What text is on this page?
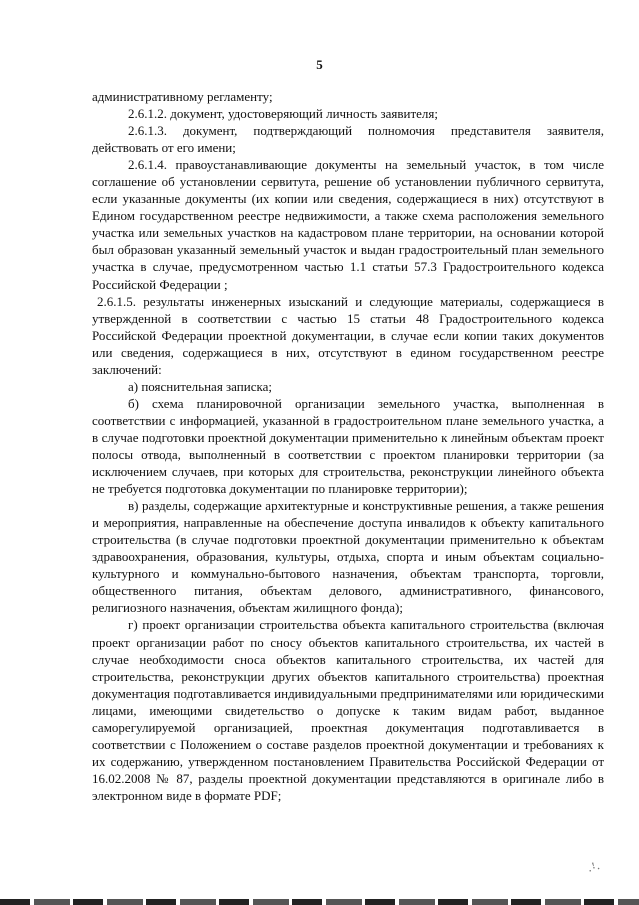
5

административному регламенту;

2.6.1.2. документ, удостоверяющий личность заявителя;

2.6.1.3. документ, подтверждающий полномочия представителя заявителя, действовать от его имени;

2.6.1.4. правоустанавливающие документы на земельный участок, в том числе соглашение об установлении сервитута, решение об установлении публичного сервитута, если указанные документы (их копии или сведения, содержащиеся в них) отсутствуют в Едином государственном реестре недвижимости, а также схема расположения земельного участка или земельных участков на кадастровом плане территории, на основании которой был образован указанный земельный участок и выдан градостроительный план земельного участка в случае, предусмотренном частью 1.1 статьи 57.3 Градостроительного кодекса Российской Федерации ;

2.6.1.5. результаты инженерных изысканий и следующие материалы, содержащиеся в утвержденной в соответствии с частью 15 статьи 48 Градостроительного кодекса Российской Федерации проектной документации, в случае если копии таких документов или сведения, содержащиеся в них, отсутствуют в едином государственном реестре заключений:

а) пояснительная записка;

б) схема планировочной организации земельного участка, выполненная в соответствии с информацией, указанной в градостроительном плане земельного участка, а в случае подготовки проектной документации применительно к линейным объектам проект полосы отвода, выполненный в соответствии с проектом планировки территории (за исключением случаев, при которых для строительства, реконструкции линейного объекта не требуется подготовка документации по планировке территории);

в) разделы, содержащие архитектурные и конструктивные решения, а также решения и мероприятия, направленные на обеспечение доступа инвалидов к объекту капитального строительства (в случае подготовки проектной документации применительно к объектам здравоохранения, образования, культуры, отдыха, спорта и иным объектам социально-культурного и коммунально-бытового назначения, объектам транспорта, торговли, общественного питания, объектам делового, административного, финансового, религиозного назначения, объектам жилищного фонда);

г) проект организации строительства объекта капитального строительства (включая проект организации работ по сносу объектов капитального строительства, их частей в случае необходимости сноса объектов капитального строительства, их частей для строительства, реконструкции других объектов капитального строительства) проектная документация подготавливается индивидуальными предпринимателями или юридическими лицами, имеющими свидетельство о допуске к таким видам работ, выданное саморегулируемой организацией, проектная документация подготавливается в соответствии с Положением о составе разделов проектной документации и требованиях к их содержанию, утвержденном постановлением Правительства Российской Федерации от 16.02.2008 № 87, разделы проектной документации представляются в оригинале либо в электронном виде в формате PDF;

·ꜝ·
